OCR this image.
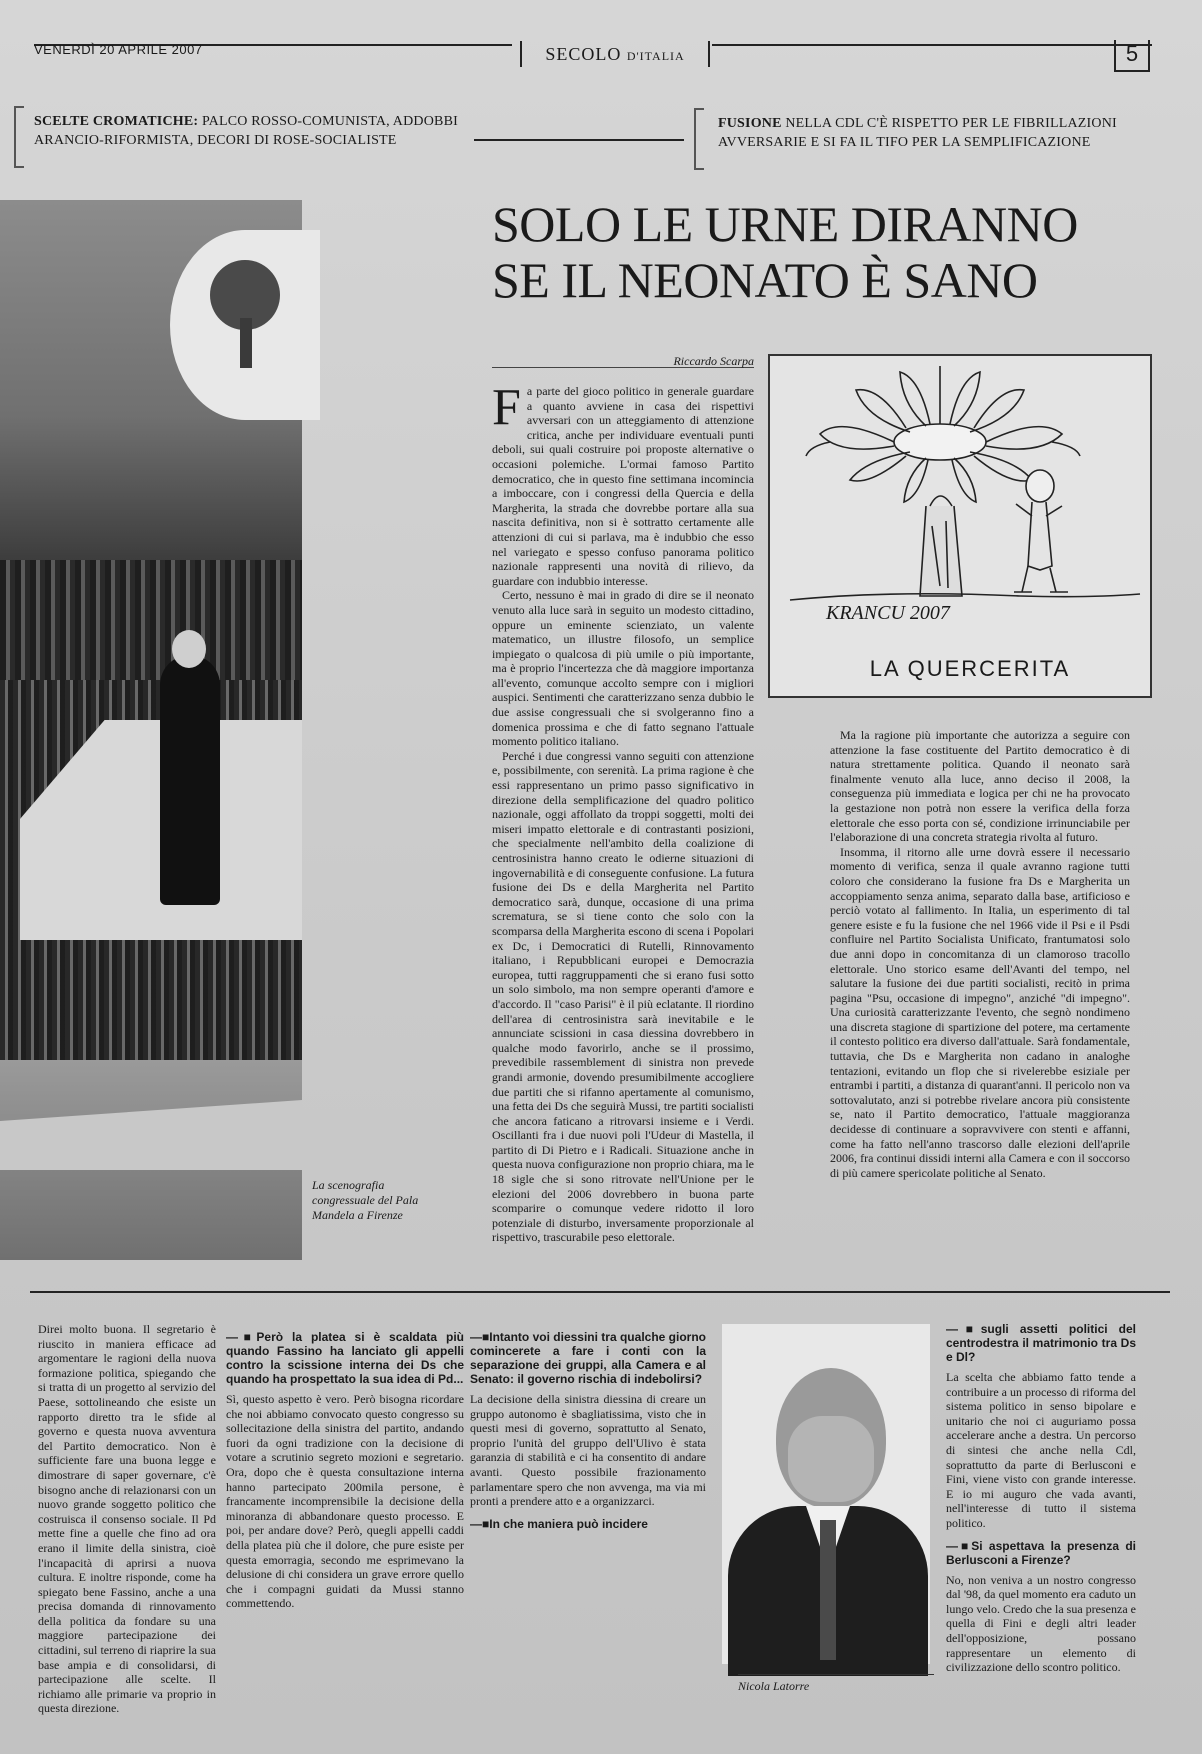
VENERDÌ 20 APRILE 2007	SECOLO D'ITALIA	5
SCELTE CROMATICHE: PALCO ROSSO-COMUNISTA, ADDOBBI ARANCIO-RIFORMISTA, DECORI DI ROSE-SOCIALISTE
FUSIONE NELLA CDL C'È RISPETTO PER LE FIBRILLAZIONI AVVERSARIE E SI FA IL TIFO PER LA SEMPLIFICAZIONE
La scenografia congressuale del Pala Mandela a Firenze
SOLO LE URNE DIRANNO
SE IL NEONATO È SANO
Riccardo Scarpa
KRANCU 2007
LA QUERCERITA

Fa parte del gioco politico in generale guardare a quanto avviene in casa dei rispettivi avversari con un atteggiamento di attenzione critica, anche per individuare eventuali punti deboli, sui quali costruire poi proposte alternative o occasioni polemiche. L'ormai famoso Partito democratico, che in questo fine settimana incomincia a imboccare, con i congressi della Quercia e della Margherita, la strada che dovrebbe portare alla sua nascita definitiva, non si è sottratto certamente alle attenzioni di cui si parlava, ma è indubbio che esso nel variegato e spesso confuso panorama politico nazionale rappresenti una novità di rilievo, da guardare con indubbio interesse.

Certo, nessuno è mai in grado di dire se il neonato venuto alla luce sarà in seguito un modesto cittadino, oppure un eminente scienziato, un valente matematico, un illustre filosofo, un semplice impiegato o qualcosa di più umile o più importante, ma è proprio l'incertezza che dà maggiore importanza all'evento, comunque accolto sempre con i migliori auspici. Sentimenti che caratterizzano senza dubbio le due assise congressuali che si svolgeranno fino a domenica prossima e che di fatto segnano l'attuale momento politico italiano.

Perché i due congressi vanno seguiti con attenzione e, possibilmente, con serenità. La prima ragione è che essi rappresentano un primo passo significativo in direzione della semplificazione del quadro politico nazionale, oggi affollato da troppi soggetti, molti dei miseri impatto elettorale e di contrastanti posizioni, che specialmente nell'ambito della coalizione di centrosinistra hanno creato le odierne situazioni di ingovernabilità e di conseguente confusione. La futura fusione dei Ds e della Margherita nel Partito democratico sarà, dunque, occasione di una prima scrematura, se si tiene conto che solo con la scomparsa della Margherita escono di scena i Popolari ex Dc, i Democratici di Rutelli, Rinnovamento italiano, i Repubblicani europei e Democrazia europea, tutti raggruppamenti che si erano fusi sotto un solo simbolo, ma non sempre operanti d'amore e d'accordo. Il "caso Parisi" è il più eclatante. Il riordino dell'area di centrosinistra sarà inevitabile e le annunciate scissioni in casa diessina dovrebbero in qualche modo favorirlo, anche se il prossimo, prevedibile rassemblement di sinistra non prevede grandi armonie, dovendo presumibilmente accogliere due partiti che si rifanno apertamente al comunismo, una fetta dei Ds che seguirà Mussi, tre partiti socialisti che ancora faticano a ritrovarsi insieme e i Verdi. Oscillanti fra i due nuovi poli l'Udeur di Mastella, il partito di Di Pietro e i Radicali. Situazione anche in questa nuova configurazione non proprio chiara, ma le 18 sigle che si sono ritrovate nell'Unione per le elezioni del 2006 dovrebbero in buona parte scomparire o comunque vedere ridotto il loro potenziale di disturbo, inversamente proporzionale al rispettivo, trascurabile peso elettorale.

Ma la ragione più importante che autorizza a seguire con attenzione la fase costituente del Partito democratico è di natura strettamente politica. Quando il neonato sarà finalmente venuto alla luce, anno deciso il 2008, la conseguenza più immediata e logica per chi ne ha provocato la gestazione non potrà non essere la verifica della forza elettorale che esso porta con sé, condizione irrinunciabile per l'elaborazione di una concreta strategia rivolta al futuro.

Insomma, il ritorno alle urne dovrà essere il necessario momento di verifica, senza il quale avranno ragione tutti coloro che considerano la fusione fra Ds e Margherita un accoppiamento senza anima, separato dalla base, artificioso e perciò votato al fallimento. In Italia, un esperimento di tal genere esiste e fu la fusione che nel 1966 vide il Psi e il Psdi confluire nel Partito Socialista Unificato, frantumatosi solo due anni dopo in concomitanza di un clamoroso tracollo elettorale. Uno storico esame dell'Avanti del tempo, nel salutare la fusione dei due partiti socialisti, recitò in prima pagina "Psu, occasione di impegno", anziché "di impegno". Una curiosità caratterizzante l'evento, che segnò nondimeno una discreta stagione di spartizione del potere, ma certamente il contesto politico era diverso dall'attuale. Sarà fondamentale, tuttavia, che Ds e Margherita non cadano in analoghe tentazioni, evitando un flop che si rivelerebbe esiziale per entrambi i partiti, a distanza di quarant'anni. Il pericolo non va sottovalutato, anzi si potrebbe rivelare ancora più consistente se, nato il Partito democratico, l'attuale maggioranza decidesse di continuare a sopravvivere con stenti e affanni, come ha fatto nell'anno trascorso dalle elezioni dell'aprile 2006, fra continui dissidi interni alla Camera e con il soccorso di più camere spericolate politiche al Senato.

Direi molto buona. Il segretario è riuscito in maniera efficace ad argomentare le ragioni della nuova formazione politica, spiegando che si tratta di un progetto al servizio del Paese, sottolineando che esiste un rapporto diretto tra le sfide al governo e questa nuova avventura del Partito democratico. Non è sufficiente fare una buona legge e dimostrare di saper governare, c'è bisogno anche di relazionarsi con un nuovo grande soggetto politico che costruisca il consenso sociale. Il Pd mette fine a quelle che fino ad ora erano il limite della sinistra, cioè l'incapacità di aprirsi a nuova cultura. E inoltre risponde, come ha spiegato bene Fassino, anche a una precisa domanda di rinnovamento della politica da fondare su una maggiore partecipazione dei cittadini, sul terreno di riaprire la sua base ampia e di consolidarsi, di partecipazione alle scelte. Il richiamo alle primarie va proprio in questa direzione.

—■ Però la platea si è scaldata più quando Fassino ha lanciato gli appelli contro la scissione interna dei Ds che quando ha prospettato la sua idea di Pd...

Sì, questo aspetto è vero. Però bisogna ricordare che noi abbiamo convocato questo congresso su sollecitazione della sinistra del partito, andando fuori da ogni tradizione con la decisione di votare a scrutinio segreto mozioni e segretario. Ora, dopo che è questa consultazione interna hanno partecipato 200mila persone, è francamente incomprensibile la decisione della minoranza di abbandonare questo processo. E poi, per andare dove? Però, quegli appelli caddi della platea più che il dolore, che pure esiste per questa emorragia, secondo me esprimevano la delusione di chi considera un grave errore quello che i compagni guidati da Mussi stanno commettendo.

—■ Intanto voi diessini tra qualche giorno comincerete a fare i conti con la separazione dei gruppi, alla Camera e al Senato: il governo rischia di indebolirsi?

La decisione della sinistra diessina di creare un gruppo autonomo è sbagliatissima, visto che in questi mesi di governo, soprattutto al Senato, proprio l'unità del gruppo dell'Ulivo è stata garanzia di stabilità e ci ha consentito di andare avanti. Questo possibile frazionamento parlamentare spero che non avvenga, ma via mi pronti a prendere atto e a organizzarci.

—■ In che maniera può incidere

Nicola Latorre

—■ sugli assetti politici del centrodestra il matrimonio tra Ds e Dl?

La scelta che abbiamo fatto tende a contribuire a un processo di riforma del sistema politico in senso bipolare e unitario che noi ci auguriamo possa accelerare anche a destra. Un percorso di sintesi che anche nella Cdl, soprattutto da parte di Berlusconi e Fini, viene visto con grande interesse. E io mi auguro che vada avanti, nell'interesse di tutto il sistema politico.

—■ Si aspettava la presenza di Berlusconi a Firenze?

No, non veniva a un nostro congresso dal '98, da quel momento era caduto un lungo velo. Credo che la sua presenza e quella di Fini e degli altri leader dell'opposizione, possano rappresentare un elemento di civilizzazione dello scontro politico.
